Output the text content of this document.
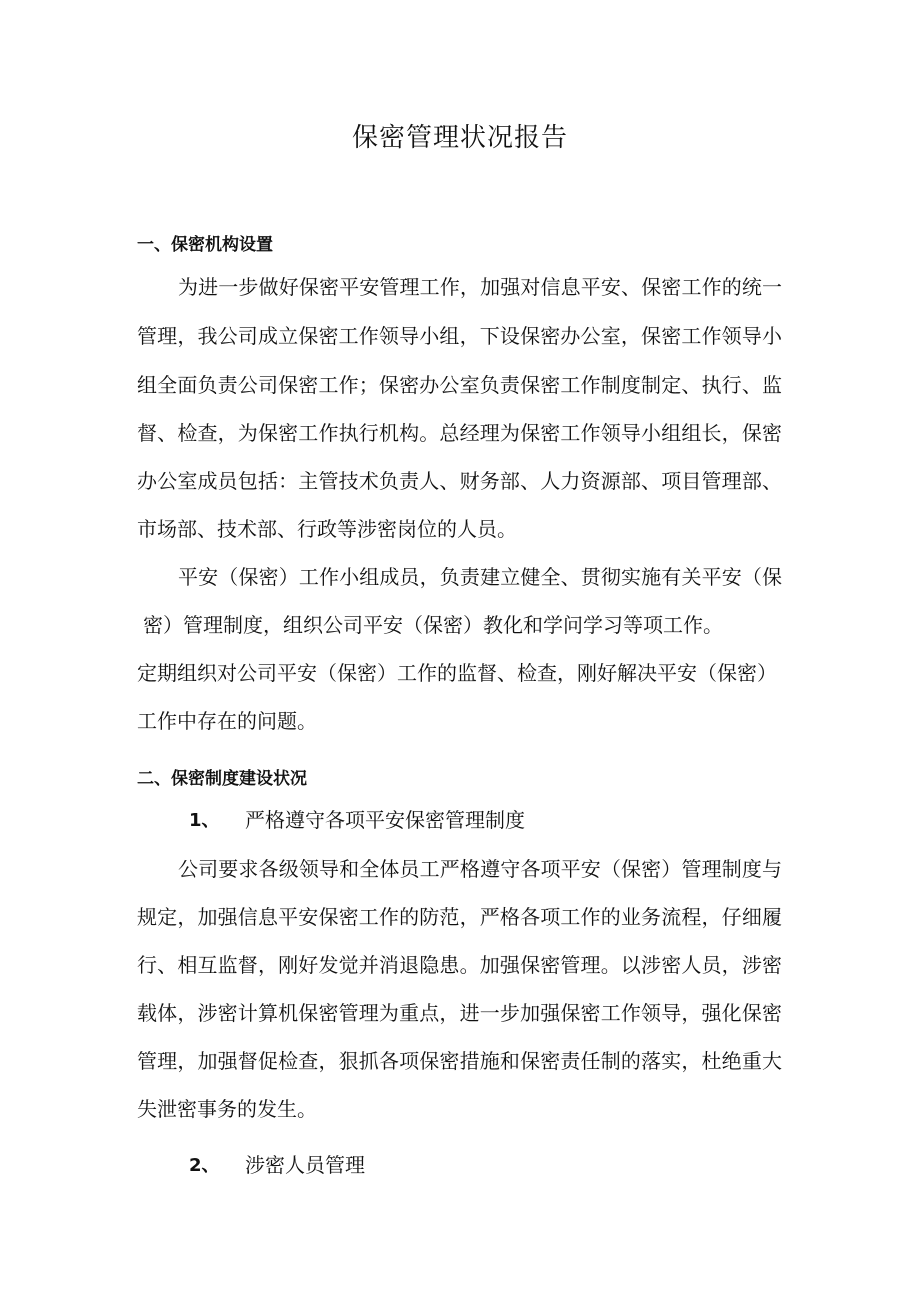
保密管理状况报告
一、保密机构设置
为进一步做好保密平安管理工作，加强对信息平安、保密工作的统一
管理，我公司成立保密工作领导小组，下设保密办公室，保密工作领导小
组全面负责公司保密工作；保密办公室负责保密工作制度制定、执行、监
督、检查，为保密工作执行机构。总经理为保密工作领导小组组长，保密
办公室成员包括：主管技术负责人、财务部、人力资源部、项目管理部、
市场部、技术部、行政等涉密岗位的人员。
平安（保密）工作小组成员，负责建立健全、贯彻实施有关平安（保
密）管理制度，组织公司平安（保密）教化和学问学习等项工作。
定期组织对公司平安（保密）工作的监督、检查，刚好解决平安（保密）
工作中存在的问题。
二、保密制度建设状况
1、 严格遵守各项平安保密管理制度
公司要求各级领导和全体员工严格遵守各项平安（保密）管理制度与
规定，加强信息平安保密工作的防范，严格各项工作的业务流程，仔细履
行、相互监督，刚好发觉并消退隐患。加强保密管理。以涉密人员，涉密
载体，涉密计算机保密管理为重点，进一步加强保密工作领导，强化保密
管理，加强督促检查，狠抓各项保密措施和保密责任制的落实，杜绝重大
失泄密事务的发生。
2、 涉密人员管理
